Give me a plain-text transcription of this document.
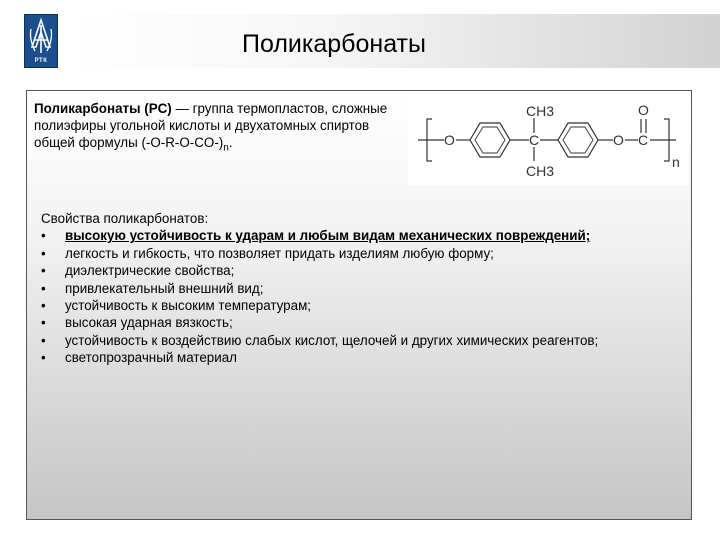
РТК
Поликарбонаты
Поликарбонаты (PC) — группа термопластов, сложные полиэфиры угольной кислоты и двухатомных спиртов общей формулы $(-O-R-O-CO-)_n$.	O	C
CH3
CH3
O C
O
n
Свойства поликарбонатов:
•	высокую устойчивость к ударам и любым видам механических повреждений;
•	легкость и гибкость, что позволяет придать изделиям любую форму;
•	диэлектрические свойства;
•	привлекательный внешний вид;
•	устойчивость к высоким температурам;
•	высокая ударная вязкость;
•	устойчивость к воздействию слабых кислот, щелочей и других химических реагентов;
•	светопрозрачный материал
